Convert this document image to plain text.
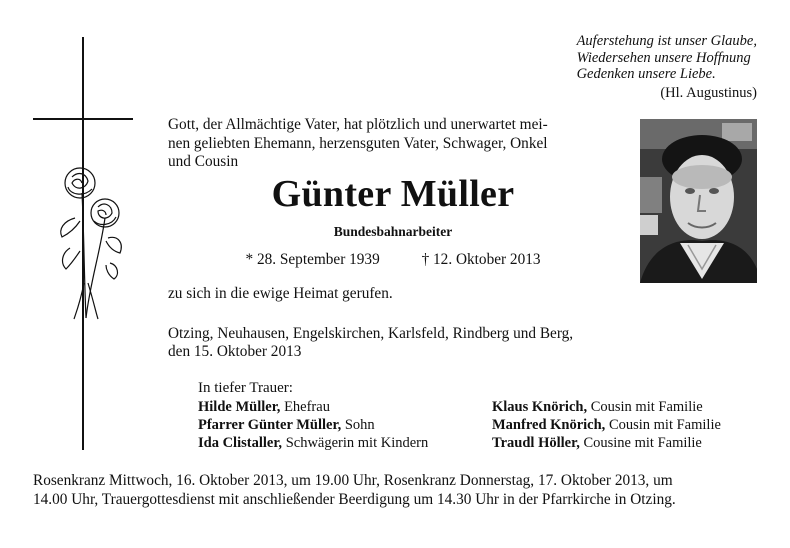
Auferstehung ist unser Glaube,
Wiedersehen unsere Hoffnung
Gedenken unsere Liebe.
(Hl. Augustinus)
Gott, der Allmächtige Vater, hat plötzlich und unerwartet mei-
nen geliebten Ehemann, herzensguten Vater, Schwager, Onkel
und Cousin
Günter Müller
Bundesbahnarbeiter
* 28. September 1939	† 12. Oktober 2013
zu sich in die ewige Heimat gerufen.
Otzing, Neuhausen, Engelskirchen, Karlsfeld, Rindberg und Berg,
den 15. Oktober 2013
In tiefer Trauer:
Hilde Müller, Ehefrau
Pfarrer Günter Müller, Sohn
Ida Clistaller, Schwägerin mit Kindern
Klaus Knörich, Cousin mit Familie
Manfred Knörich, Cousin mit Familie
Traudl Höller, Cousine mit Familie
Rosenkranz Mittwoch, 16. Oktober 2013, um 19.00 Uhr, Rosenkranz Donnerstag, 17. Oktober 2013, um
14.00 Uhr, Trauergottesdienst mit anschließender Beerdigung um 14.30 Uhr in der Pfarrkirche in Otzing.
